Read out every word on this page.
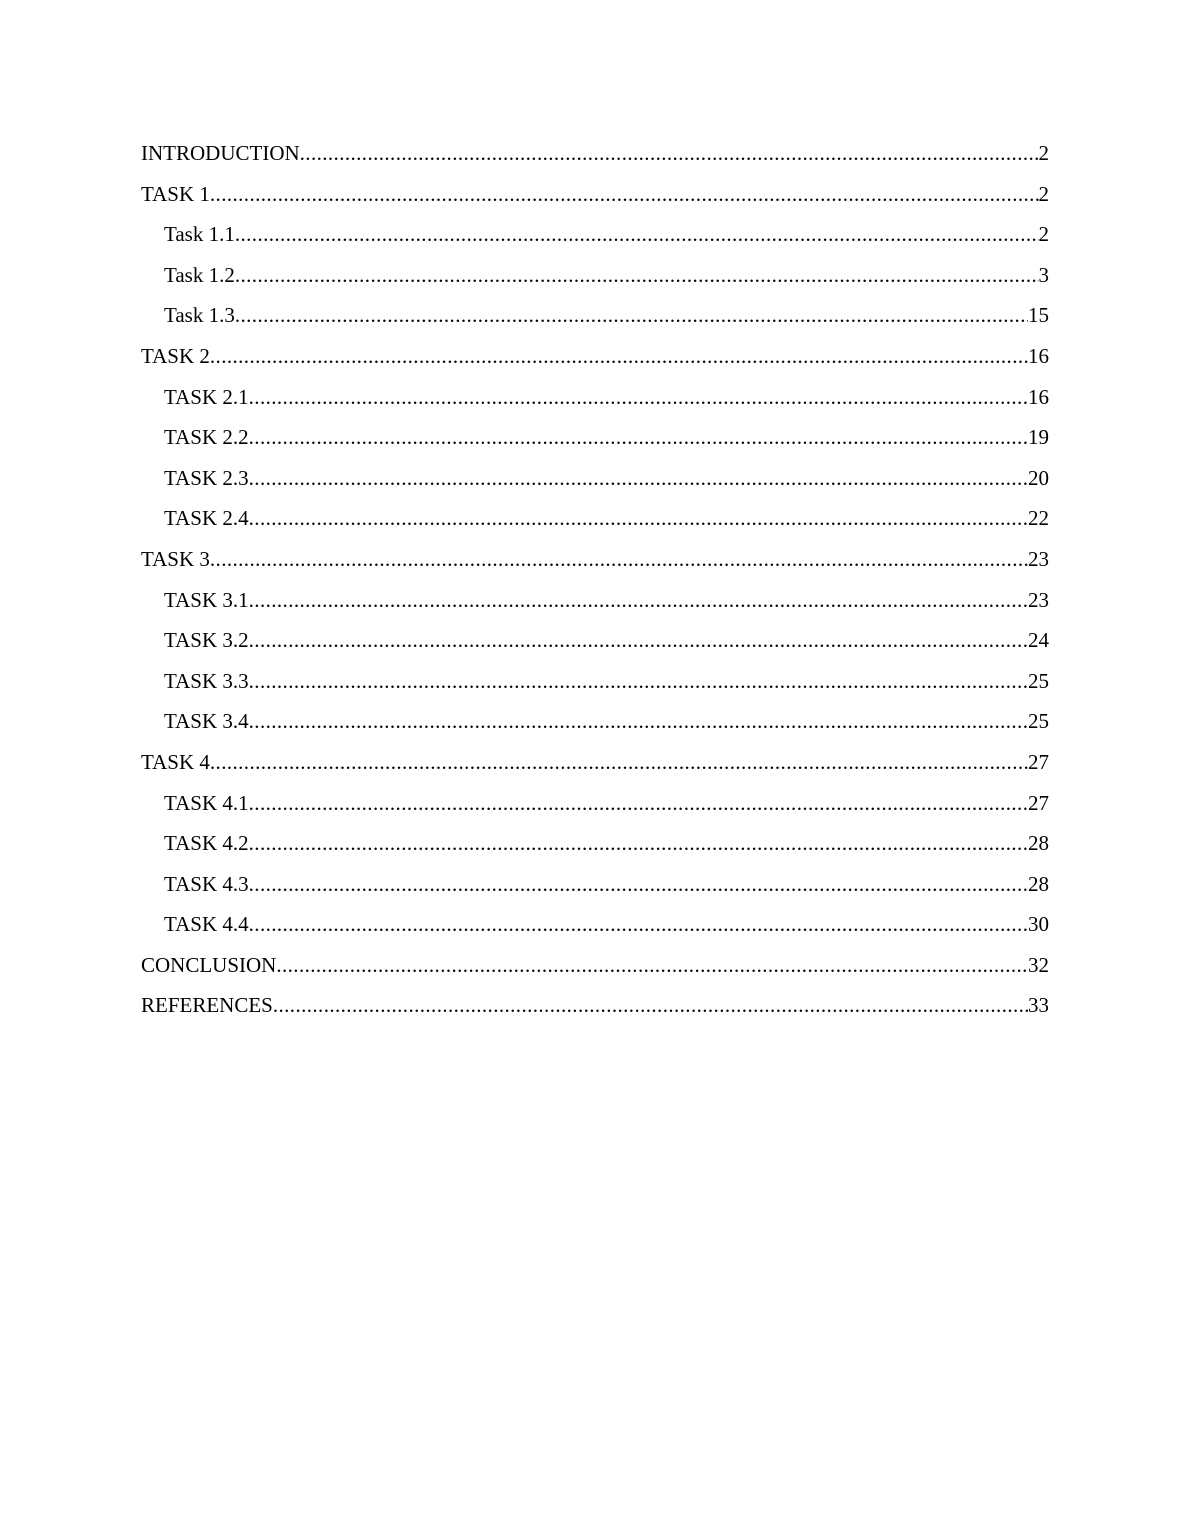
INTRODUCTION .....	2
TASK 1 .....	2
Task 1.1 .....	2
Task 1.2 .....	3
Task 1.3 .....	15
TASK 2 .....	16
TASK 2.1 .....	16
TASK 2.2 .....	19
TASK 2.3 .....	20
TASK 2.4 .....	22
TASK 3 .....	23
TASK 3.1 .....	23
TASK 3.2 .....	24
TASK 3.3 .....	25
TASK 3.4 .....	25
TASK 4 .....	27
TASK 4.1 .....	27
TASK 4.2 .....	28
TASK 4.3 .....	28
TASK 4.4 .....	30
CONCLUSION .....	32
REFERENCES .....	33
